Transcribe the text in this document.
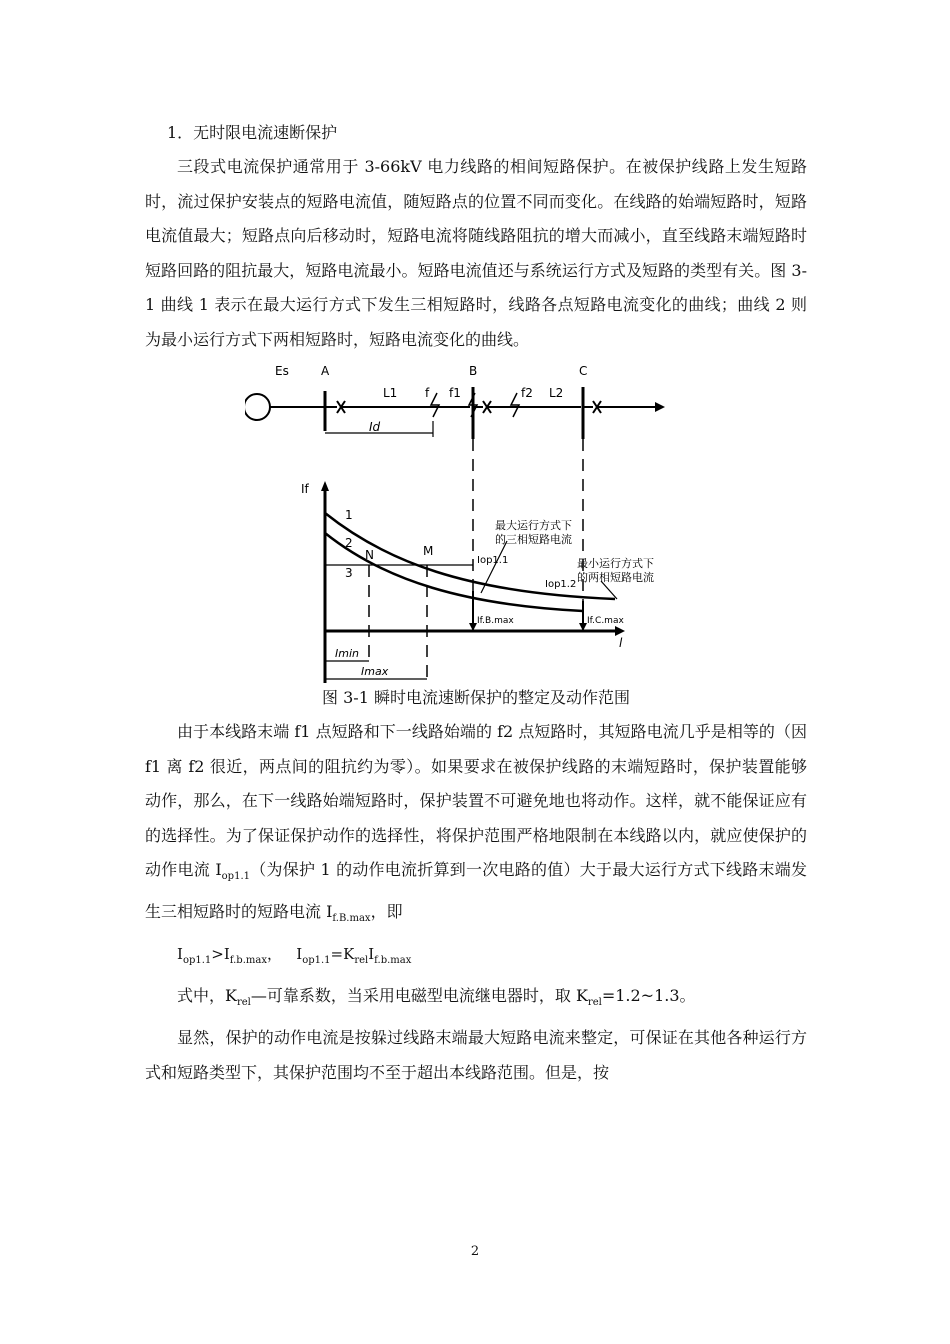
1．无时限电流速断保护

三段式电流保护通常用于 3-66kV 电力线路的相间短路保护。在被保护线路上发生短路时，流过保护安装点的短路电流值，随短路点的位置不同而变化。在线路的始端短路时，短路电流值最大；短路点向后移动时，短路电流将随线路阻抗的增大而减小，直至线路末端短路时短路回路的阻抗最大，短路电流最小。短路电流值还与系统运行方式及短路的类型有关。图 3-1 曲线 1 表示在最大运行方式下发生三相短路时，线路各点短路电流变化的曲线；曲线 2 则为最小运行方式下两相短路时，短路电流变化的曲线。

Es	A	B	C
L1 f f1	f2 L2
Id
If
l
1
2
3
N	M
Imin
Imax
Iop1.1
Iop1.2
If.B.max	If.C.max
最大运行方式下
的三相短路电流
最小运行方式下
的两相短路电流

图 3-1 瞬时电流速断保护的整定及动作范围

由于本线路末端 f1 点短路和下一线路始端的 f2 点短路时，其短路电流几乎是相等的（因 f1 离 f2 很近，两点间的阻抗约为零）。如果要求在被保护线路的末端短路时，保护装置能够动作，那么，在下一线路始端短路时，保护装置不可避免地也将动作。这样，就不能保证应有的选择性。为了保证保护动作的选择性，将保护范围严格地限制在本线路以内，就应使保护的动作电流 $I_{op1.1}$（为保护 1 的动作电流折算到一次电路的值）大于最大运行方式下线路末端发生三相短路时的短路电流 $I_{f.B.max}$，即

$I_{op1.1}>I_{f.b.max}$， $I_{op1.1}=K_{rel}I_{f.b.max}$

式中，$K_{rel}—$可靠系数，当采用电磁型电流继电器时，取 $K_{rel}=1.2\sim 1.3$。

显然，保护的动作电流是按躲过线路末端最大短路电流来整定，可保证在其他各种运行方式和短路类型下，其保护范围均不至于超出本线路范围。但是，按

2
